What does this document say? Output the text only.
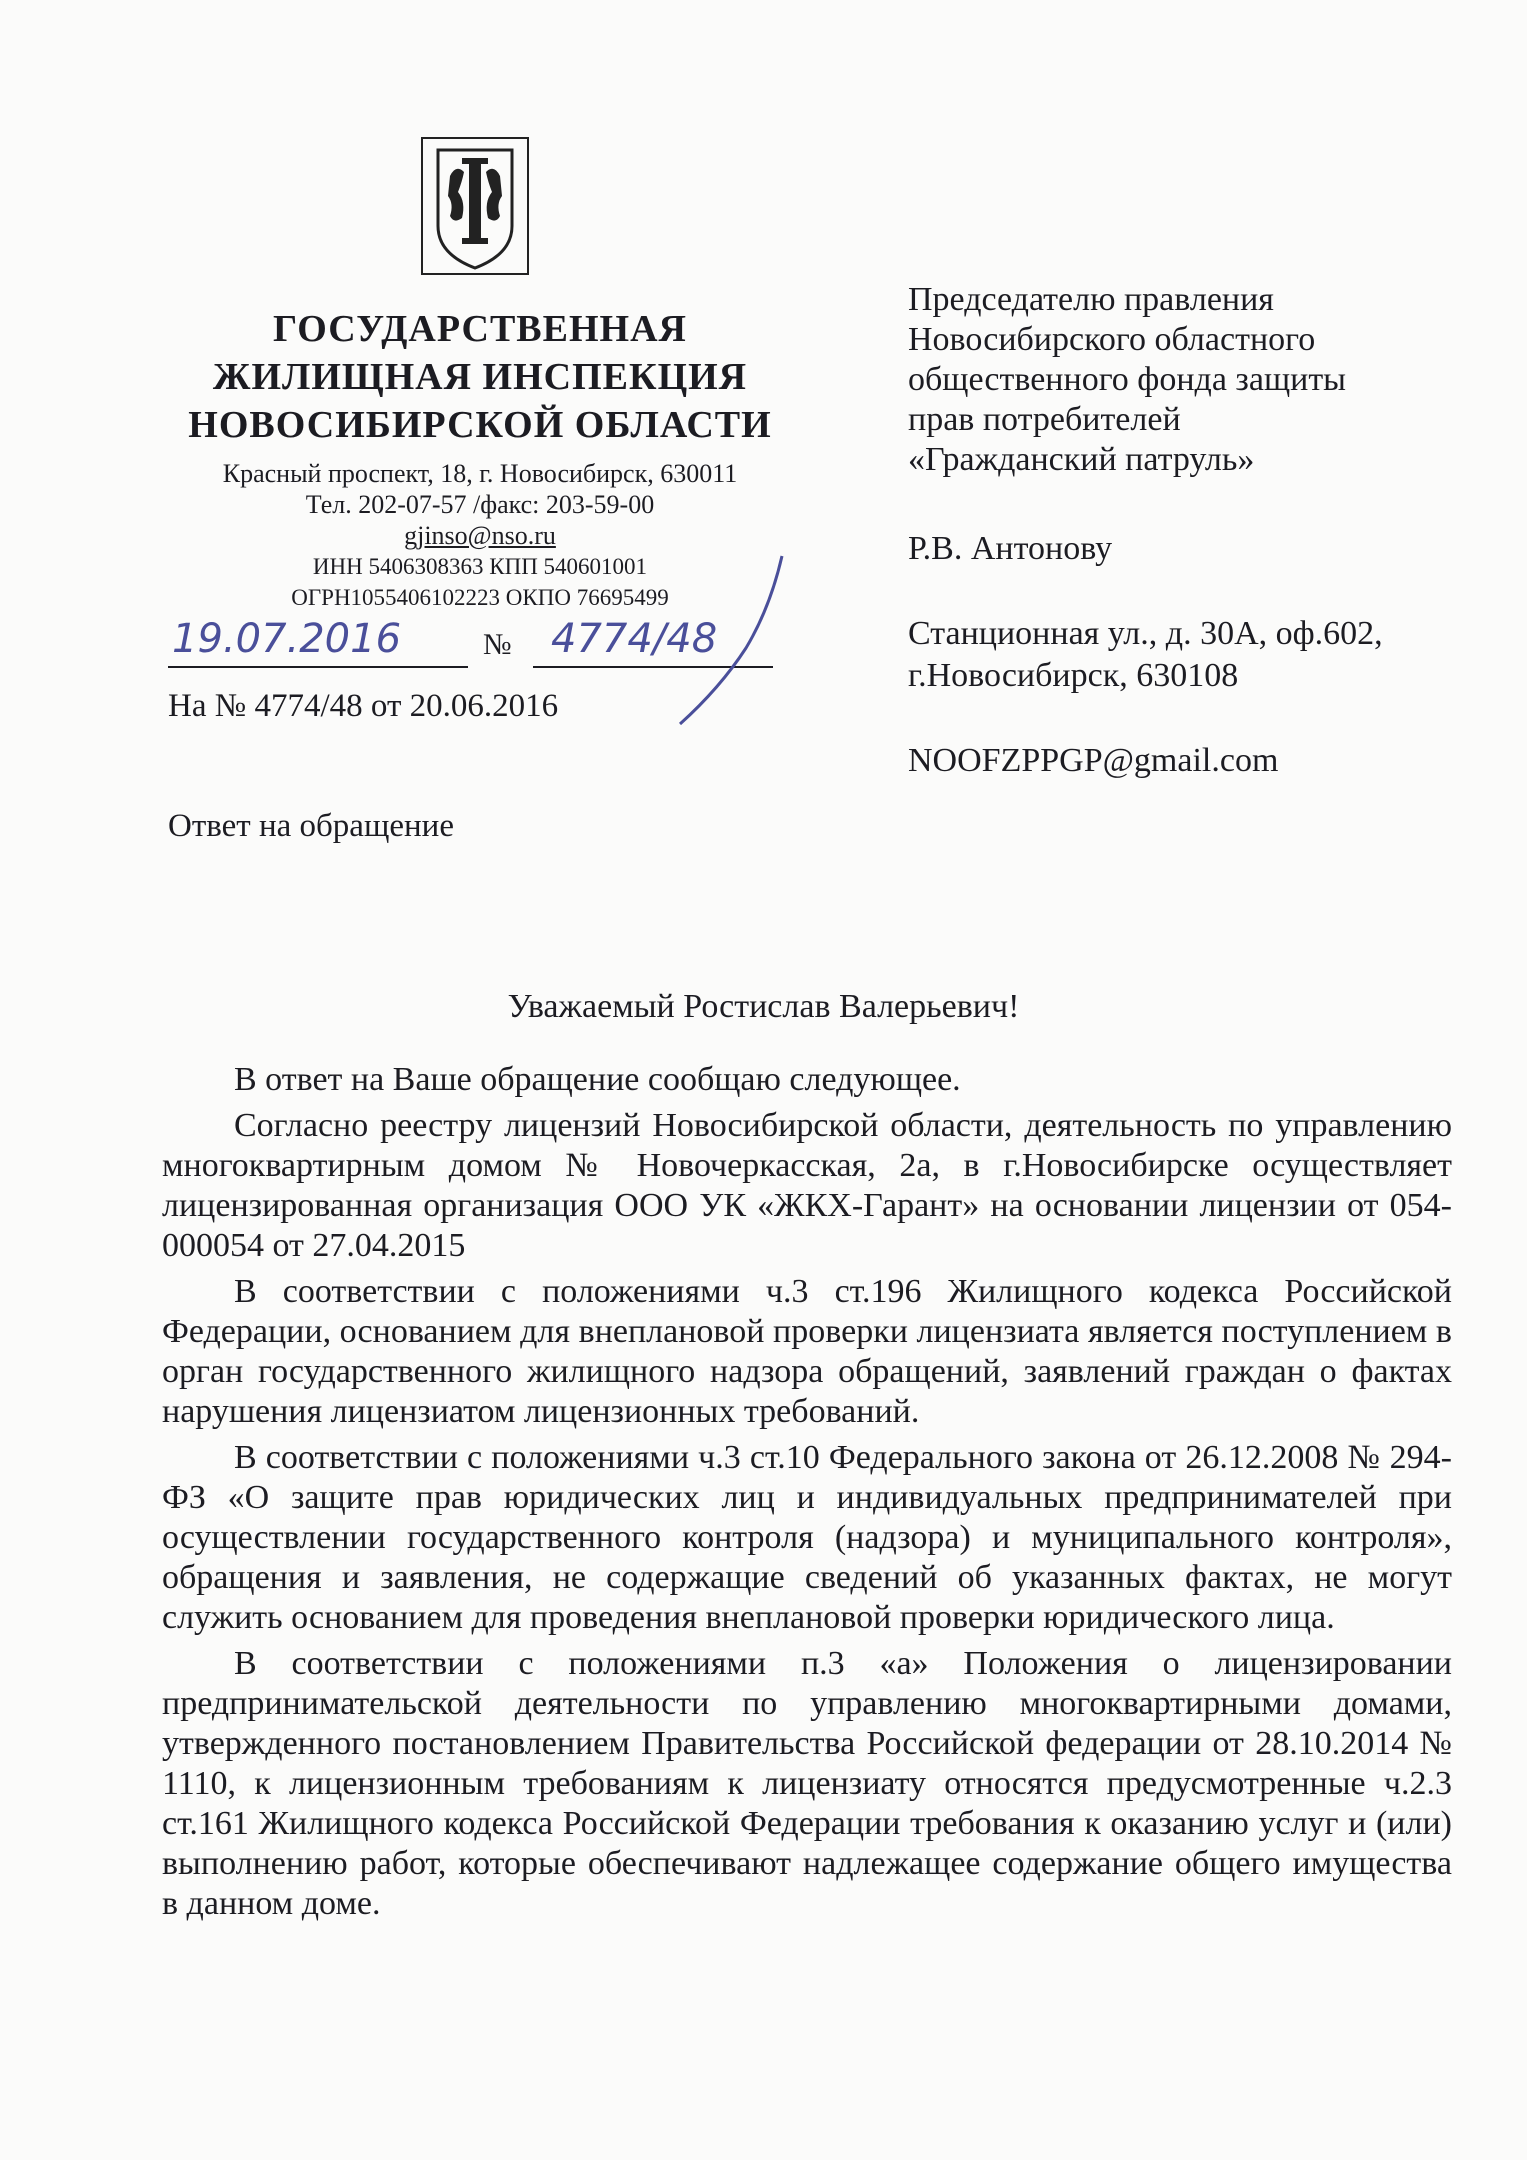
ГОСУДАРСТВЕННАЯ
ЖИЛИЩНАЯ ИНСПЕКЦИЯ
НОВОСИБИРСКОЙ ОБЛАСТИ
Красный проспект, 18, г. Новосибирск, 630011
Тел. 202-07-57 /факс: 203-59-00
gjinso@nso.ru
ИНН 5406308363 КПП 540601001
ОГРН1055406102223 ОКПО 76695499
19.07.2016	№ 4774/48
На № 4774/48 от 20.06.2016
Ответ на обращение
Председателю правления
Новосибирского областного
общественного фонда защиты
прав потребителей
«Гражданский патруль»
Р.В. Антонову
Станционная ул., д. 30А, оф.602,
г.Новосибирск, 630108
NOOFZPPGP@gmail.com
Уважаемый Ростислав Валерьевич!

В ответ на Ваше обращение сообщаю следующее.

Согласно реестру лицензий Новосибирской области, деятельность по управлению многоквартирным домом № Новочеркасская, 2а, в г.Новосибирске осуществляет лицензированная организация ООО УК «ЖКХ-Гарант» на основании лицензии от 054-000054 от 27.04.2015

В соответствии с положениями ч.3 ст.196 Жилищного кодекса Российской Федерации, основанием для внеплановой проверки лицензиата является поступлением в орган государственного жилищного надзора обращений, заявлений граждан о фактах нарушения лицензиатом лицензионных требований.

В соответствии с положениями ч.3 ст.10 Федерального закона от 26.12.2008 № 294-ФЗ «О защите прав юридических лиц и индивидуальных предпринимателей при осуществлении государственного контроля (надзора) и муниципального контроля», обращения и заявления, не содержащие сведений об указанных фактах, не могут служить основанием для проведения внеплановой проверки юридического лица.

В соответствии с положениями п.3 «а» Положения о лицензировании предпринимательской деятельности по управлению многоквартирными домами, утвержденного постановлением Правительства Российской федерации от 28.10.2014 № 1110, к лицензионным требованиям к лицензиату относятся предусмотренные ч.2.3 ст.161 Жилищного кодекса Российской Федерации требования к оказанию услуг и (или) выполнению работ, которые обеспечивают надлежащее содержание общего имущества в данном доме.
